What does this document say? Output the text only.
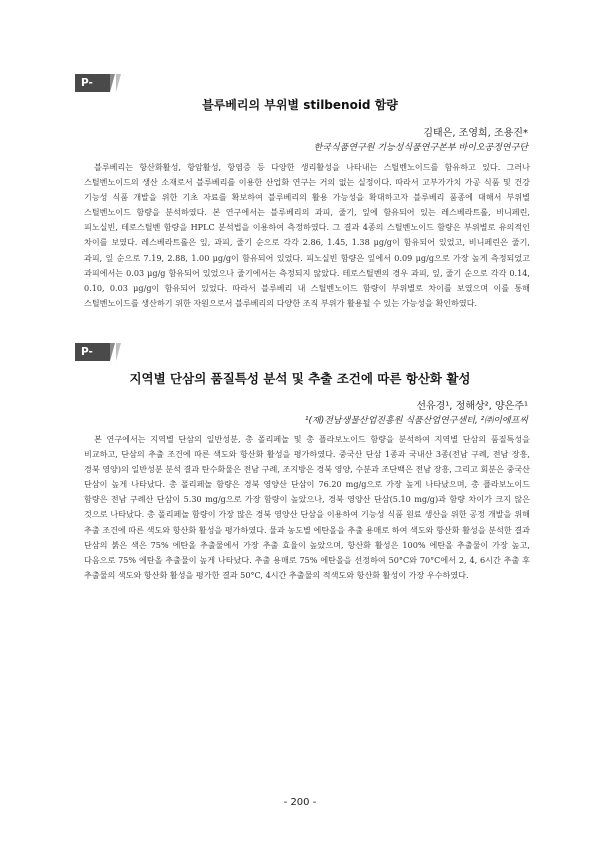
P-55	블루베리의 부위별 stilbenoid 함량
김태은, 조영희, 조용진*
한국식품연구원 기능성식품연구본부 바이오공정연구단

블루베리는 항산화활성, 항암활성, 항염증 등 다양한 생리활성을 나타내는 스틸벤노이드를 함유하고 있다. 그러나 스틸벤노이드의 생산 소재로서 블루베리를 이용한 산업화 연구는 거의 없는 실정이다. 따라서 고부가가치 가공 식품 및 건강 기능성 식품 개발을 위한 기초 자료를 확보하여 블루베리의 활용 가능성을 확대하고자 블루베리 품종에 대해서 부위별 스틸벤노이드 함량을 분석하였다. 본 연구에서는 블루베리의 과피, 줄기, 잎에 함유되어 있는 레스베라트롤, 비니페린, 피노실빈, 테로스틸벤 함량을 HPLC 분석법을 이용하여 측정하였다. 그 결과 4종의 스틸벤노이드 함량은 부위별로 유의적인 차이를 보였다. 레스베라트롤은 잎, 과피, 줄기 순으로 각각 2.86, 1.45, 1.38 μg/g이 함유되어 있었고, 비니페린은 줄기, 과피, 잎 순으로 7.19, 2.88, 1.00 μg/g이 함유되어 있었다. 피노실빈 함량은 잎에서 0.09 μg/g으로 가장 높게 측정되었고 과피에서는 0.03 μg/g 함유되어 있었으나 줄기에서는 측정되지 않았다. 테로스틸벤의 경우 과피, 잎, 줄기 순으로 각각 0.14, 0.10, 0.03 μg/g이 함유되어 있었다. 따라서 블루베리 내 스틸벤노이드 함량이 부위별로 차이를 보였으며 이를 통해 스틸벤노이드를 생산하기 위한 자원으로서 블루베리의 다양한 조직 부위가 활용될 수 있는 가능성을 확인하였다.

P-56
지역별 단삼의 품질특성 분석 및 추출 조건에 따른 항산화 활성
선유경¹, 정해상², 양은주¹
¹(재)전남생물산업진흥원 식품산업연구센터, ²㈜이에프씨

본 연구에서는 지역별 단삼의 일반성분, 총 폴리페놀 및 총 플라보노이드 함량을 분석하여 지역별 단삼의 품질특성을 비교하고, 단삼의 추출 조건에 따른 색도와 항산화 활성을 평가하였다. 중국산 단삼 1종과 국내산 3종(전남 구례, 전남 장흥, 경북 영양)의 일반성분 분석 결과 탄수화물은 전남 구례, 조지방은 경북 영양, 수분과 조단백은 전남 장흥, 그리고 회분은 중국산 단삼이 높게 나타났다. 총 폴리페놀 함량은 경북 영양산 단삼이 76.20 mg/g으로 가장 높게 나타났으며, 총 플라보노이드 함량은 전남 구례산 단삼이 5.30 mg/g으로 가장 함량이 높았으나, 경북 영양산 단삼(5.10 mg/g)과 함량 차이가 크지 않은 것으로 나타났다. 총 폴리페놀 함량이 가장 많은 경북 영양산 단삼을 이용하여 기능성 식품 원료 생산을 위한 공정 개발을 위해 추출 조건에 따른 색도와 항산화 활성을 평가하였다. 물과 농도별 에탄올을 추출 용매로 하여 색도와 항산화 활성을 분석한 결과 단삼의 붉은 색은 75% 에탄올 추출물에서 가장 추출 효율이 높았으며, 항산화 활성은 100% 에탄올 추출물이 가장 높고, 다음으로 75% 에탄올 추출물이 높게 나타났다. 추출 용매로 75% 에탄올을 선정하여 50°C와 70°C에서 2, 4, 6시간 추출 후 추출물의 색도와 항산화 활성을 평가한 결과 50°C, 4시간 추출물의 적색도와 항산화 활성이 가장 우수하였다.

- 200 -
